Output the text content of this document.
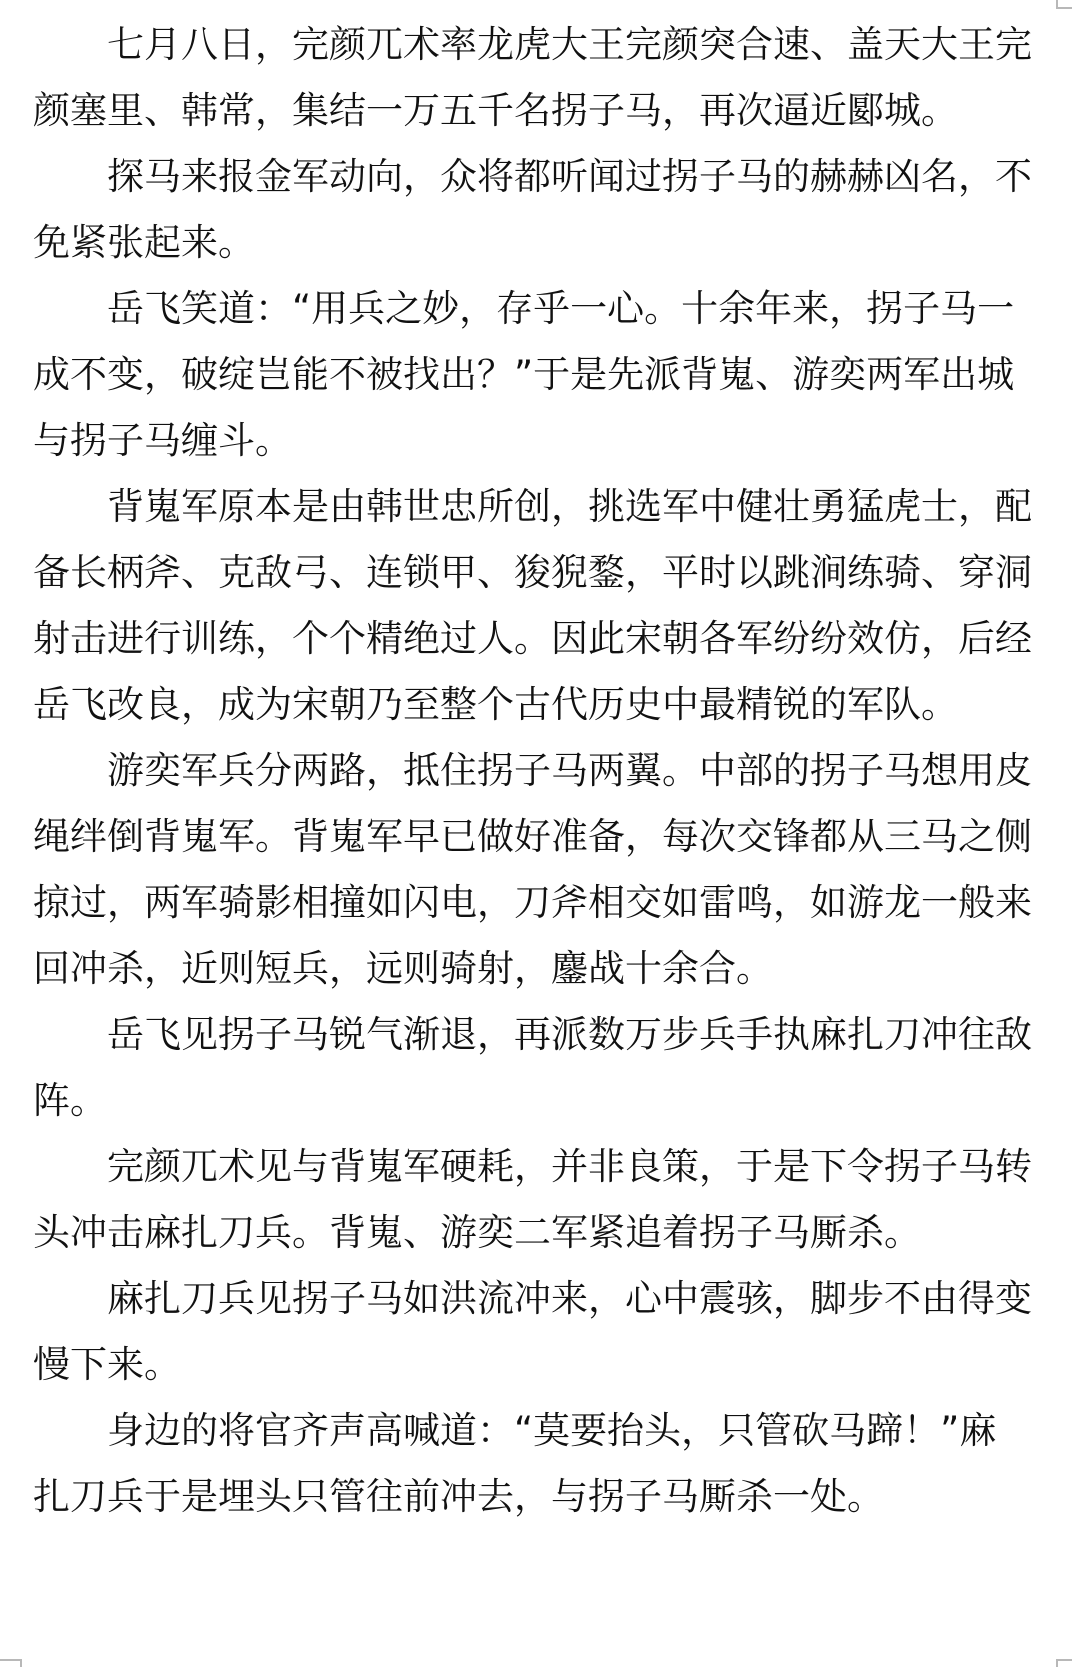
七月八日，完颜兀术率龙虎大王完颜突合速、盖天大王完颜塞里、韩常，集结一万五千名拐子马，再次逼近郾城。

探马来报金军动向，众将都听闻过拐子马的赫赫凶名，不免紧张起来。

岳飞笑道：“用兵之妙，存乎一心。十余年来，拐子马一成不变，破绽岂能不被找出？”于是先派背嵬、游奕两军出城与拐子马缠斗。

背嵬军原本是由韩世忠所创，挑选军中健壮勇猛虎士，配备长柄斧、克敌弓、连锁甲、狻猊鍪，平时以跳涧练骑、穿洞射击进行训练，个个精绝过人。因此宋朝各军纷纷效仿，后经岳飞改良，成为宋朝乃至整个古代历史中最精锐的军队。

游奕军兵分两路，抵住拐子马两翼。中部的拐子马想用皮绳绊倒背嵬军。背嵬军早已做好准备，每次交锋都从三马之侧掠过，两军骑影相撞如闪电，刀斧相交如雷鸣，如游龙一般来回冲杀，近则短兵，远则骑射，鏖战十余合。

岳飞见拐子马锐气渐退，再派数万步兵手执麻扎刀冲往敌阵。

完颜兀术见与背嵬军硬耗，并非良策，于是下令拐子马转头冲击麻扎刀兵。背嵬、游奕二军紧追着拐子马厮杀。

麻扎刀兵见拐子马如洪流冲来，心中震骇，脚步不由得变慢下来。

身边的将官齐声高喊道：“莫要抬头，只管砍马蹄！”麻扎刀兵于是埋头只管往前冲去，与拐子马厮杀一处。
